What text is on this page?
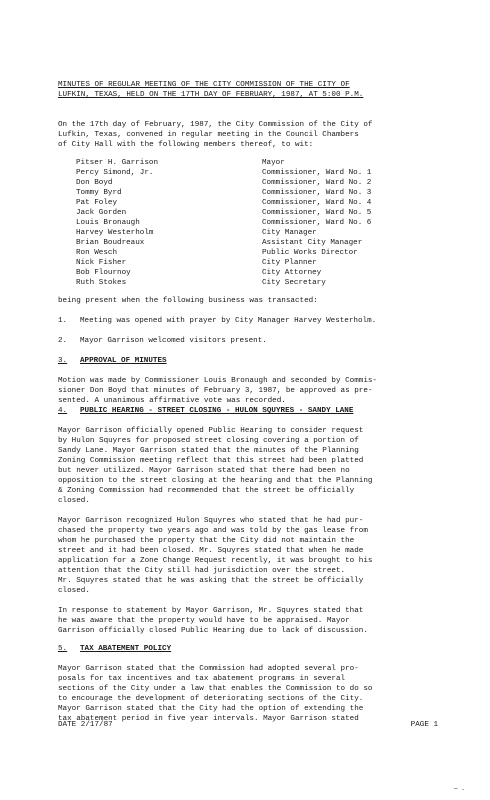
MINUTES OF REGULAR MEETING OF THE CITY COMMISSION OF THE CITY OF
LUFKIN, TEXAS, HELD ON THE 17TH DAY OF FEBRUARY, 1987, AT 5:00 P.M.
On the 17th day of February, 1987, the City Commission of the City of
Lufkin, Texas, convened in regular meeting in the Council Chambers
of City Hall with the following members thereof, to wit:
Pitser H. Garrison	Mayor
Percy Simond, Jr.	Commissioner, Ward No. 1
Don Boyd	Commissioner, Ward No. 2
Tommy Byrd	Commissioner, Ward No. 3
Pat Foley	Commissioner, Ward No. 4
Jack Gorden	Commissioner, Ward No. 5
Louis Bronaugh	Commissioner, Ward No. 6
Harvey Westerholm	City Manager
Brian Boudreaux	Assistant City Manager
Ron Wesch	Public Works Director
Nick Fisher	City Planner
Bob Flournoy	City Attorney
Ruth Stokes	City Secretary
being present when the following business was transacted:
1. Meeting was opened with prayer by City Manager Harvey Westerholm.
2. Mayor Garrison welcomed visitors present.
3. APPROVAL OF MINUTES
Motion was made by Commissioner Louis Bronaugh and seconded by Commis-
sioner Don Boyd that minutes of February 3, 1987, be approved as pre-
sented. A unanimous affirmative vote was recorded.
4. PUBLIC HEARING - STREET CLOSING - HULON SQUYRES - SANDY LANE
Mayor Garrison officially opened Public Hearing to consider request
by Hulon Squyres for proposed street closing covering a portion of
Sandy Lane. Mayor Garrison stated that the minutes of the Planning
Zoning Commission meeting reflect that this street had been platted
but never utilized. Mayor Garrison stated that there had been no
opposition to the street closing at the hearing and that the Planning
& Zoning Commission had recommended that the street be officially
closed.
Mayor Garrison recognized Hulon Squyres who stated that he had pur-
chased the property two years ago and was told by the gas lease from
whom he purchased the property that the City did not maintain the
street and it had been closed. Mr. Squyres stated that when he made
application for a Zone Change Request recently, it was brought to his
attention that the City still had jurisdiction over the street.
Mr. Squyres stated that he was asking that the street be officially
closed.
In response to statement by Mayor Garrison, Mr. Squyres stated that
he was aware that the property would have to be appraised. Mayor
Garrison officially closed Public Hearing due to lack of discussion.
5. TAX ABATEMENT POLICY
Mayor Garrison stated that the Commission had adopted several pro-
posals for tax incentives and tax abatement programs in several
sections of the City under a law that enables the Commission to do so
to encourage the development of deteriorating sections of the City.
Mayor Garrison stated that the City had the option of extending the
tax abatement period in five year intervals. Mayor Garrison stated
DATE 2/17/87	PAGE 1
— .
